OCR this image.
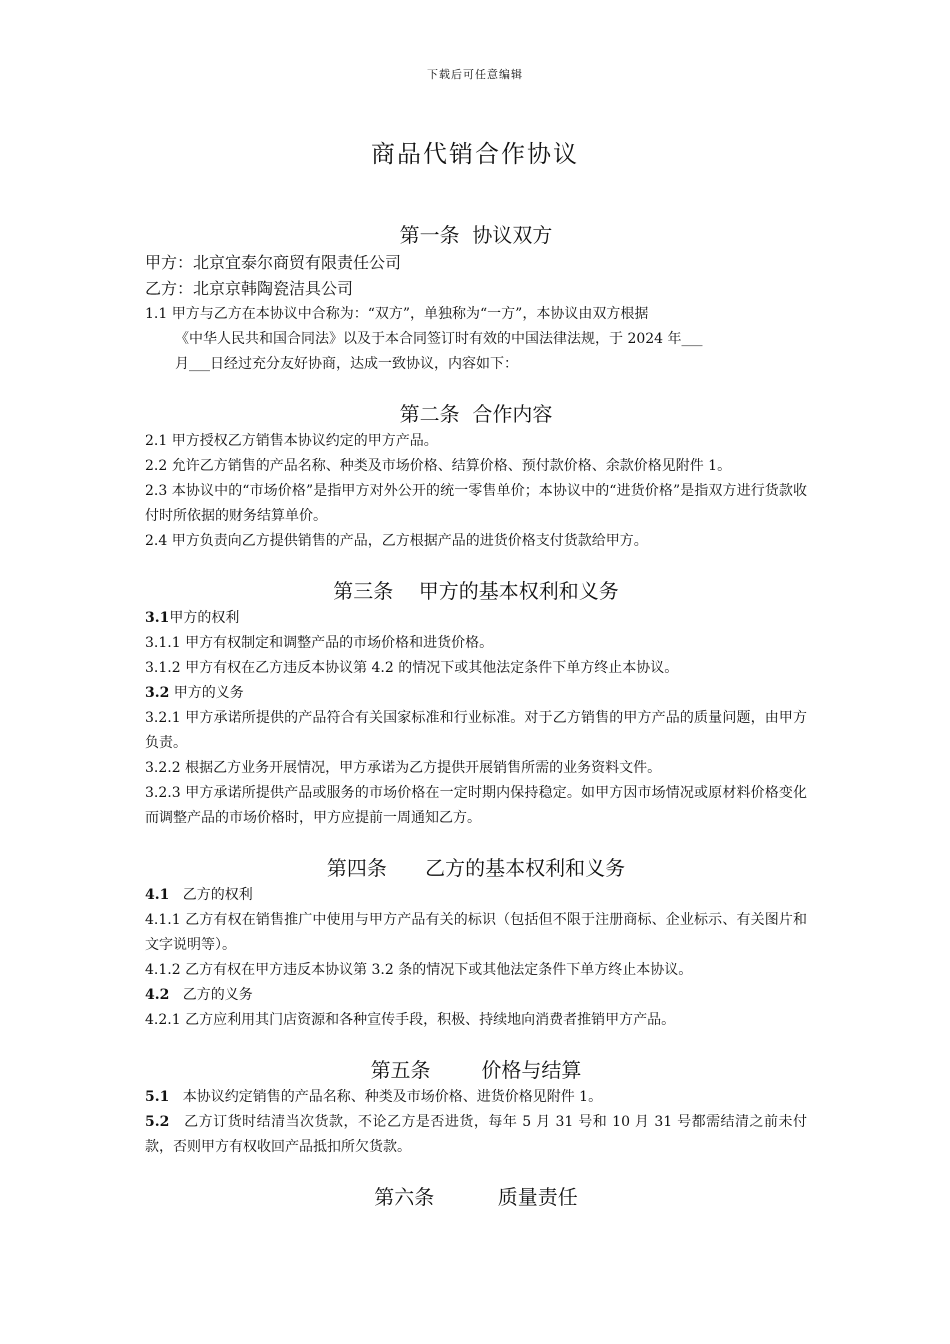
下载后可任意编辑
商品代销合作协议
第一条  协议双方

甲方：北京宜泰尔商贸有限责任公司

乙方：北京京韩陶瓷洁具公司

1.1 甲方与乙方在本协议中合称为：“双方”，单独称为“一方”，本协议由双方根据

《中华人民共和国合同法》以及于本合同签订时有效的中国法律法规，于 2024 年___

月___日经过充分友好协商，达成一致协议，内容如下：

第二条  合作内容

2.1 甲方授权乙方销售本协议约定的甲方产品。

2.2 允许乙方销售的产品名称、种类及市场价格、结算价格、预付款价格、余款价格见附件 1。

2.3 本协议中的“市场价格”是指甲方对外公开的统一零售单价；本协议中的“进货价格”是指双方进行货款收付时所依据的财务结算单价。

2.4 甲方负责向乙方提供销售的产品，乙方根据产品的进货价格支付货款给甲方。

第三条    甲方的基本权利和义务

3.1甲方的权利

3.1.1 甲方有权制定和调整产品的市场价格和进货价格。

3.1.2 甲方有权在乙方违反本协议第 4.2 的情况下或其他法定条件下单方终止本协议。

3.2 甲方的义务

3.2.1 甲方承诺所提供的产品符合有关国家标准和行业标准。对于乙方销售的甲方产品的质量问题，由甲方负责。

3.2.2 根据乙方业务开展情况，甲方承诺为乙方提供开展销售所需的业务资料文件。

3.2.3 甲方承诺所提供产品或服务的市场价格在一定时期内保持稳定。如甲方因市场情况或原材料价格变化而调整产品的市场价格时，甲方应提前一周通知乙方。

第四条      乙方的基本权利和义务

4.1   乙方的权利

4.1.1 乙方有权在销售推广中使用与甲方产品有关的标识（包括但不限于注册商标、企业标示、有关图片和文字说明等）。

4.1.2 乙方有权在甲方违反本协议第 3.2 条的情况下或其他法定条件下单方终止本协议。

4.2   乙方的义务

4.2.1 乙方应利用其门店资源和各种宣传手段，积极、持续地向消费者推销甲方产品。

第五条        价格与结算

5.1   本协议约定销售的产品名称、种类及市场价格、进货价格见附件 1。

5.2   乙方订货时结清当次货款，不论乙方是否进货，每年 5 月 31 号和 10 月 31 号都需结清之前未付款，否则甲方有权收回产品抵扣所欠货款。

第六条          质量责任
